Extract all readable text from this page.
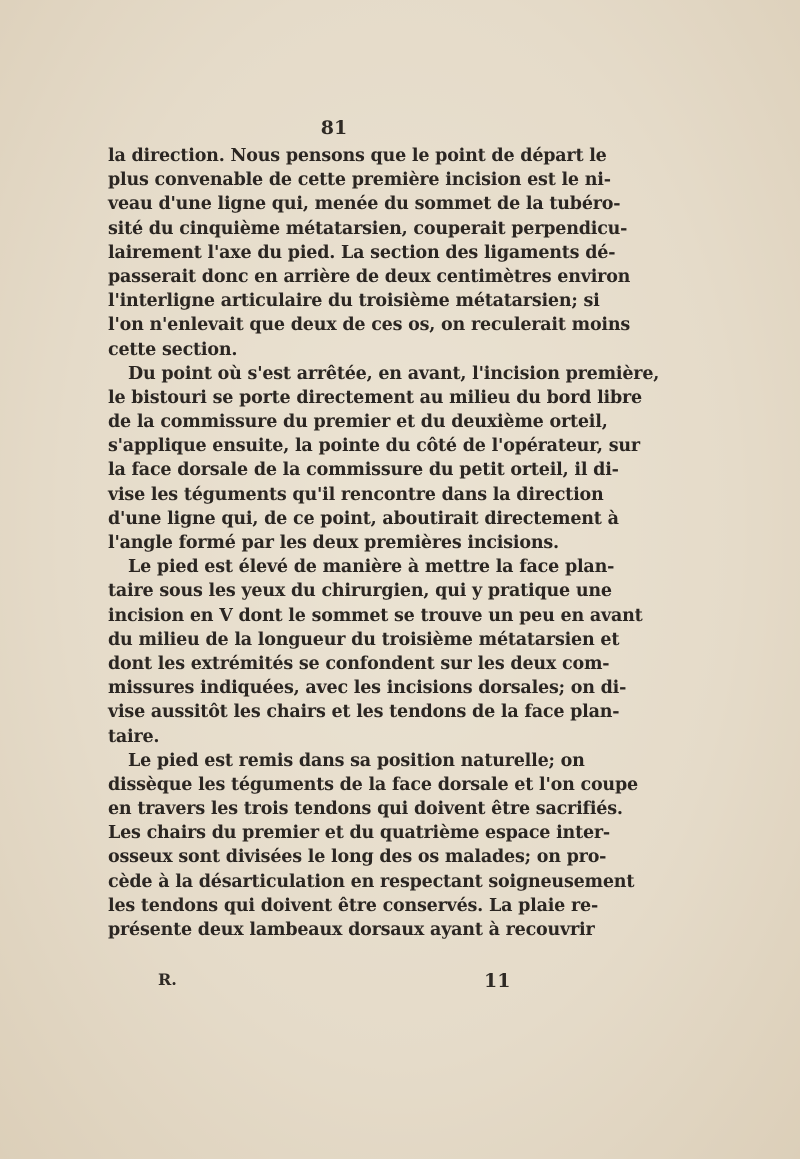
81
la direction. Nous pensons que le point de départ le
plus convenable de cette première incision est le ni-
veau d'une ligne qui, menée du sommet de la tubéro-
sité du cinquième métatarsien, couperait perpendicu-
lairement l'axe du pied. La section des ligaments dé-
passerait donc en arrière de deux centimètres environ
l'interligne articulaire du troisième métatarsien; si
l'on n'enlevait que deux de ces os, on reculerait moins
cette section.
Du point où s'est arrêtée, en avant, l'incision première,
le bistouri se porte directement au milieu du bord libre
de la commissure du premier et du deuxième orteil,
s'applique ensuite, la pointe du côté de l'opérateur, sur
la face dorsale de la commissure du petit orteil, il di-
vise les téguments qu'il rencontre dans la direction
d'une ligne qui, de ce point, aboutirait directement à
l'angle formé par les deux premières incisions.
Le pied est élevé de manière à mettre la face plan-
taire sous les yeux du chirurgien, qui y pratique une
incision en V dont le sommet se trouve un peu en avant
du milieu de la longueur du troisième métatarsien et
dont les extrémités se confondent sur les deux com-
missures indiquées, avec les incisions dorsales; on di-
vise aussitôt les chairs et les tendons de la face plan-
taire.
Le pied est remis dans sa position naturelle; on
dissèque les téguments de la face dorsale et l'on coupe
en travers les trois tendons qui doivent être sacrifiés.
Les chairs du premier et du quatrième espace inter-
osseux sont divisées le long des os malades; on pro-
cède à la désarticulation en respectant soigneusement
les tendons qui doivent être conservés. La plaie re-
présente deux lambeaux dorsaux ayant à recouvrir
R.	11
